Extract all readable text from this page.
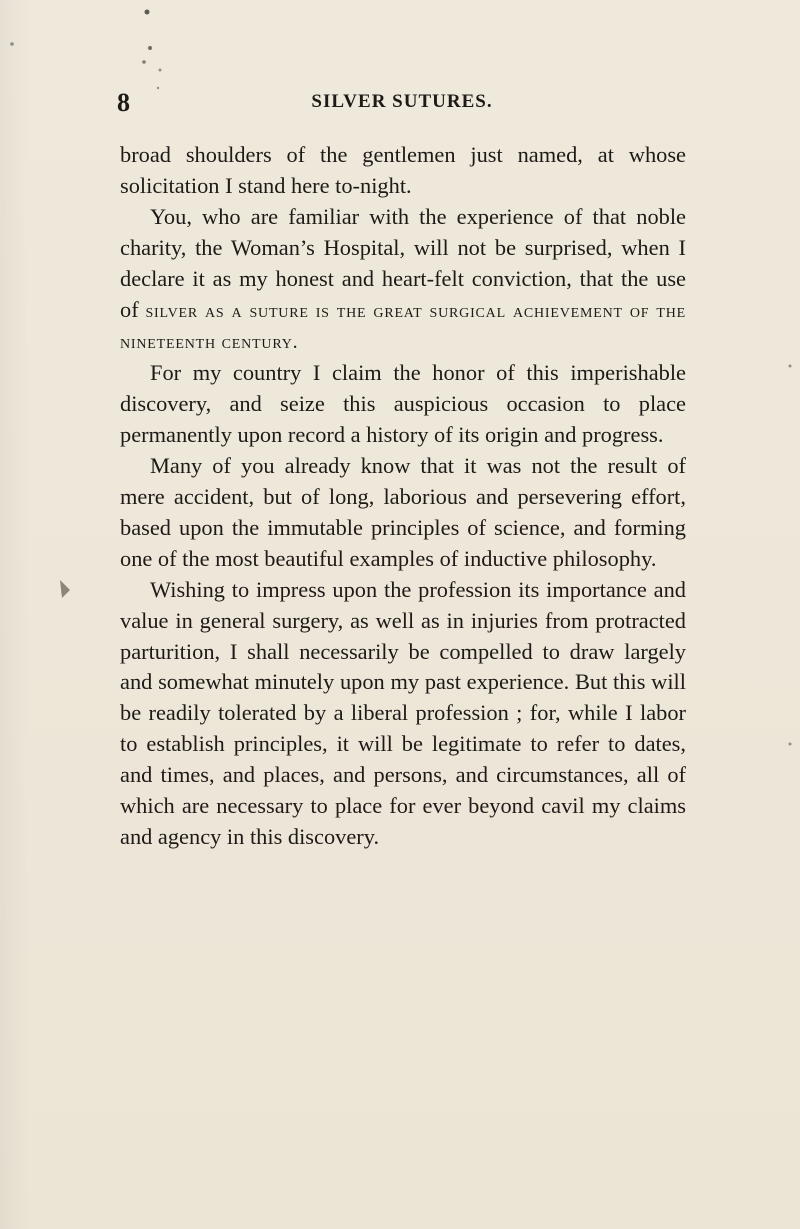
8	SILVER SUTURES.

broad shoulders of the gentlemen just named, at whose solicitation I stand here to-night.

You, who are familiar with the experience of that noble charity, the Woman’s Hospital, will not be surprised, when I declare it as my honest and heart-felt conviction, that the use of silver as a suture is the great surgical achievement of the nineteenth century.

For my country I claim the honor of this imperishable discovery, and seize this auspicious occasion to place permanently upon record a history of its origin and progress.

Many of you already know that it was not the result of mere accident, but of long, laborious and persevering effort, based upon the immutable principles of science, and forming one of the most beautiful examples of inductive philosophy.

Wishing to impress upon the profession its importance and value in general surgery, as well as in injuries from protracted parturition, I shall necessarily be compelled to draw largely and somewhat minutely upon my past experience. But this will be readily tolerated by a liberal profession ; for, while I labor to establish principles, it will be legitimate to refer to dates, and times, and places, and persons, and circumstances, all of which are necessary to place for ever beyond cavil my claims and agency in this discovery.
